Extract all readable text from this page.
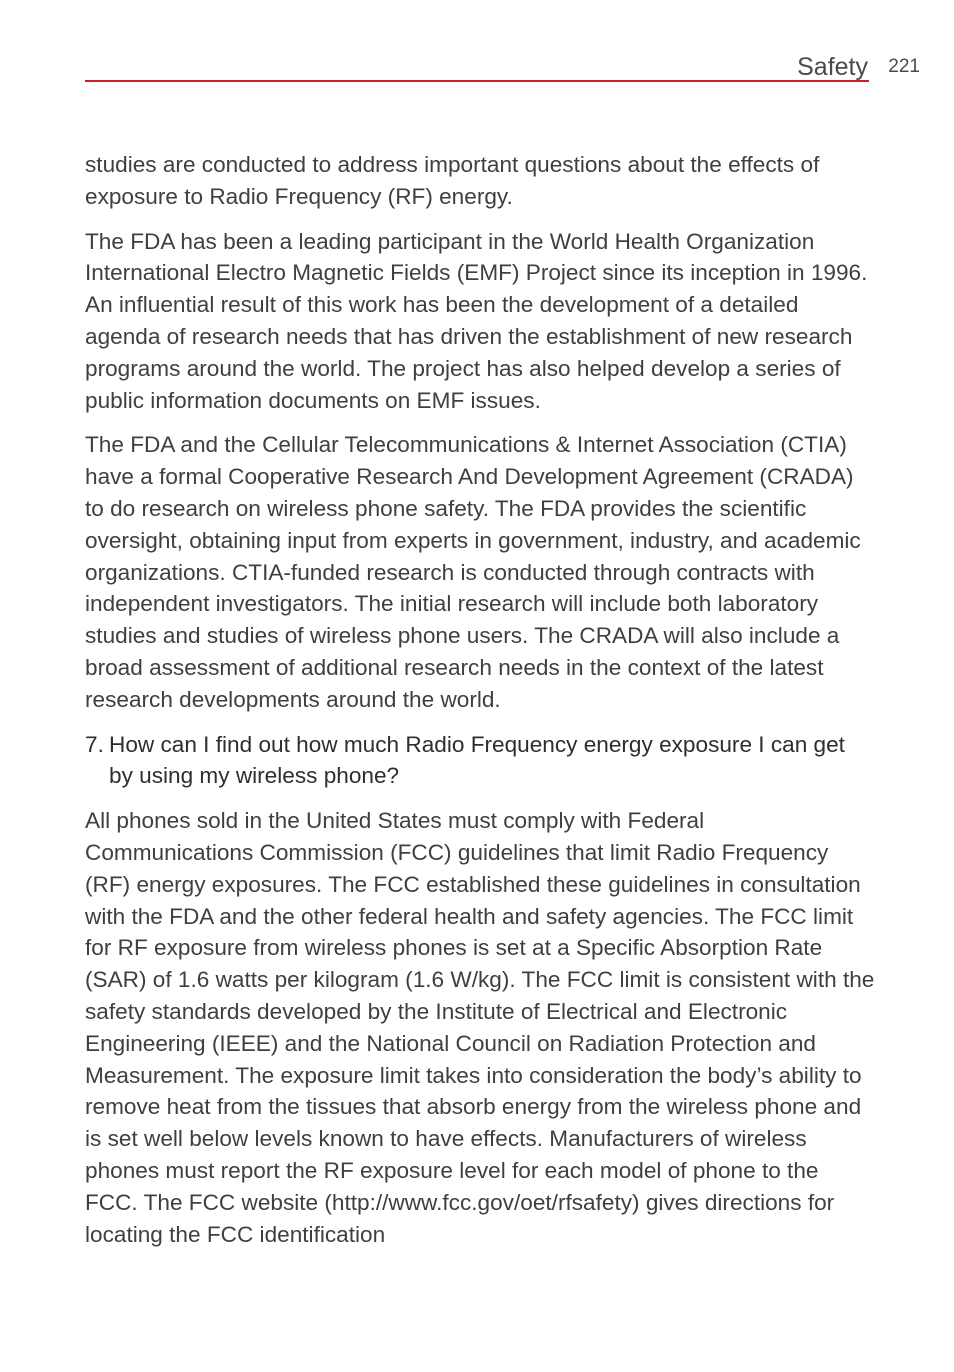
Safety 221

studies are conducted to address important questions about the effects of exposure to Radio Frequency (RF) energy.

The FDA has been a leading participant in the World Health Organization International Electro Magnetic Fields (EMF) Project since its inception in 1996. An influential result of this work has been the development of a detailed agenda of research needs that has driven the establishment of new research programs around the world. The project has also helped develop a series of public information documents on EMF issues.

The FDA and the Cellular Telecommunications & Internet Association (CTIA) have a formal Cooperative Research And Development Agreement (CRADA) to do research on wireless phone safety. The FDA provides the scientific oversight, obtaining input from experts in government, industry, and academic organizations. CTIA-funded research is conducted through contracts with independent investigators. The initial research will include both laboratory studies and studies of wireless phone users. The CRADA will also include a broad assessment of additional research needs in the context of the latest research developments around the world.

7. How can I find out how much Radio Frequency energy exposure I can get by using my wireless phone?

All phones sold in the United States must comply with Federal Communications Commission (FCC) guidelines that limit Radio Frequency (RF) energy exposures. The FCC established these guidelines in consultation with the FDA and the other federal health and safety agencies. The FCC limit for RF exposure from wireless phones is set at a Specific Absorption Rate (SAR) of 1.6 watts per kilogram (1.6 W/kg). The FCC limit is consistent with the safety standards developed by the Institute of Electrical and Electronic Engineering (IEEE) and the National Council on Radiation Protection and Measurement. The exposure limit takes into consideration the body’s ability to remove heat from the tissues that absorb energy from the wireless phone and is set well below levels known to have effects. Manufacturers of wireless phones must report the RF exposure level for each model of phone to the FCC. The FCC website (http://www.fcc.gov/oet/rfsafety) gives directions for locating the FCC identification
